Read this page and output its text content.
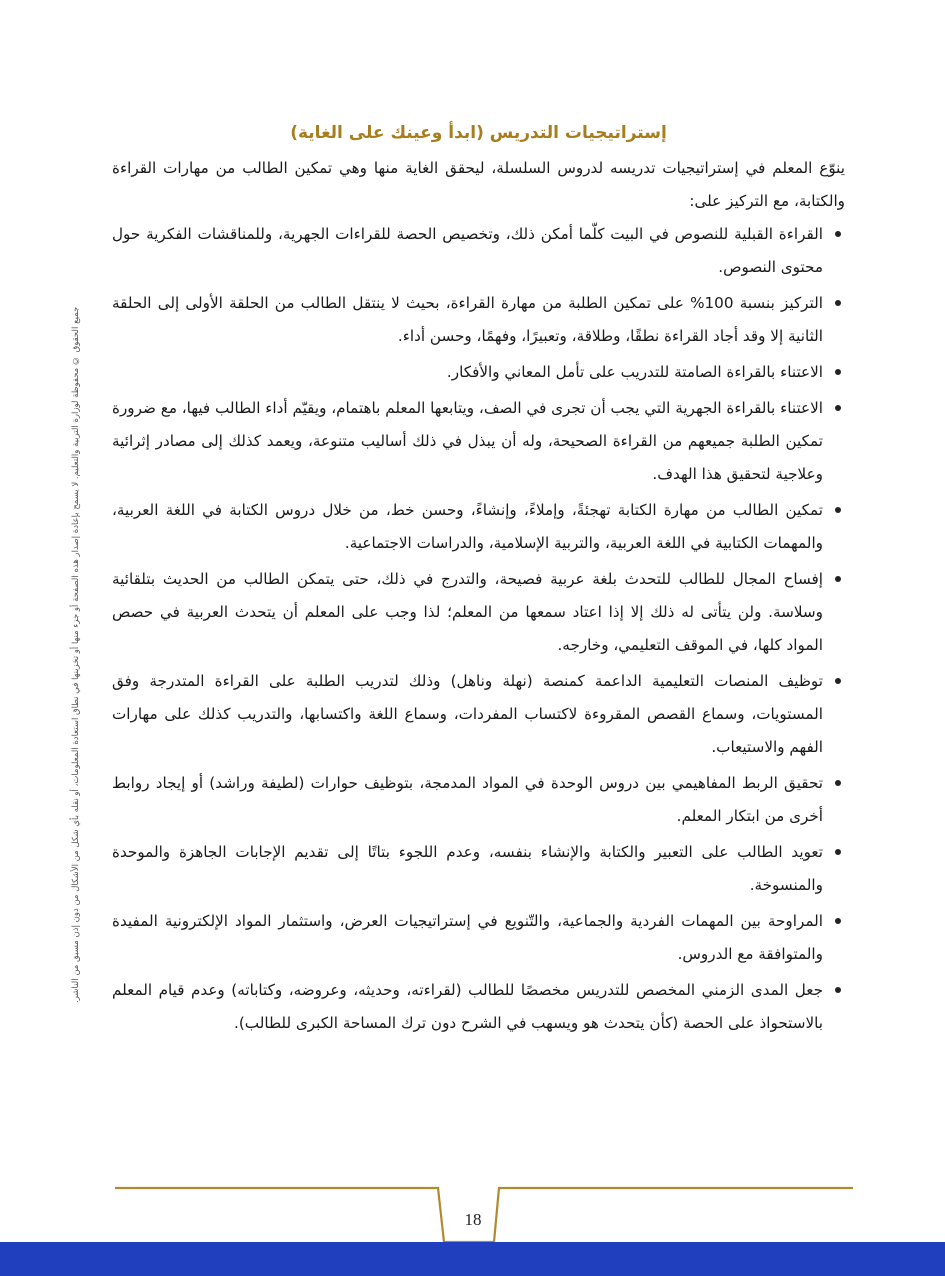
جميع الحقوق © محفوظة لوزارة التربية والتعليم. لا يسمح بإعادة إصدار هذه الصفحة أو جزء منها أو تخزينها في نطاق استعادة المعلومات، أو نقله بأي شكل من الأشكال من دون إذن مسبق من الناشر.
إستراتيجيات التدريس (ابدأ وعينك على الغاية)

ينوّع المعلم في إستراتيجيات تدريسه لدروس السلسلة، ليحقق الغاية منها وهي تمكين الطالب من مهارات القراءة والكتابة، مع التركيز على:

القراءة القبلية للنصوص في البيت كلّما أمكن ذلك، وتخصيص الحصة للقراءات الجهرية، وللمناقشات الفكرية حول محتوى النصوص.
التركيز بنسبة 100% على تمكين الطلبة من مهارة القراءة، بحيث لا ينتقل الطالب من الحلقة الأولى إلى الحلقة الثانية إلا وقد أجاد القراءة نطقًا، وطلاقة، وتعبيرًا، وفهمًا، وحسن أداء.
الاعتناء بالقراءة الصامتة للتدريب على تأمل المعاني والأفكار.
الاعتناء بالقراءة الجهرية التي يجب أن تجرى في الصف، ويتابعها المعلم باهتمام، ويقيّم أداء الطالب فيها، مع ضرورة تمكين الطلبة جميعهم من القراءة الصحيحة، وله أن يبذل في ذلك أساليب متنوعة، ويعمد كذلك إلى مصادر إثرائية وعلاجية لتحقيق هذا الهدف.
تمكين الطالب من مهارة الكتابة تهجئةً، وإملاءً، وإنشاءً، وحسن خط، من خلال دروس الكتابة في اللغة العربية، والمهمات الكتابية في اللغة العربية، والتربية الإسلامية، والدراسات الاجتماعية.
إفساح المجال للطالب للتحدث بلغة عربية فصيحة، والتدرج في ذلك، حتى يتمكن الطالب من الحديث بتلقائية وسلاسة. ولن يتأتى له ذلك إلا إذا اعتاد سمعها من المعلم؛ لذا وجب على المعلم أن يتحدث العربية في حصص المواد كلها، في الموقف التعليمي، وخارجه.
توظيف المنصات التعليمية الداعمة كمنصة (نهلة وناهل) وذلك لتدريب الطلبة على القراءة المتدرجة وفق المستويات، وسماع القصص المقروءة لاكتساب المفردات، وسماع اللغة واكتسابها، والتدريب كذلك على مهارات الفهم والاستيعاب.
تحقيق الربط المفاهيمي بين دروس الوحدة في المواد المدمجة، بتوظيف حوارات (لطيفة وراشد) أو إيجاد روابط أخرى من ابتكار المعلم.
تعويد الطالب على التعبير والكتابة والإنشاء بنفسه، وعدم اللجوء بتاتًا إلى تقديم الإجابات الجاهزة والموحدة والمنسوخة.
المراوحة بين المهمات الفردية والجماعية، والتّنويع في إستراتيجيات العرض، واستثمار المواد الإلكترونية المفيدة والمتوافقة مع الدروس.
جعل المدى الزمني المخصص للتدريس مخصصًا للطالب (لقراءته، وحديثه، وعروضه، وكتاباته) وعدم قيام المعلم بالاستحواذ على الحصة (كأن يتحدث هو ويسهب في الشرح دون ترك المساحة الكبرى للطالب).
18
